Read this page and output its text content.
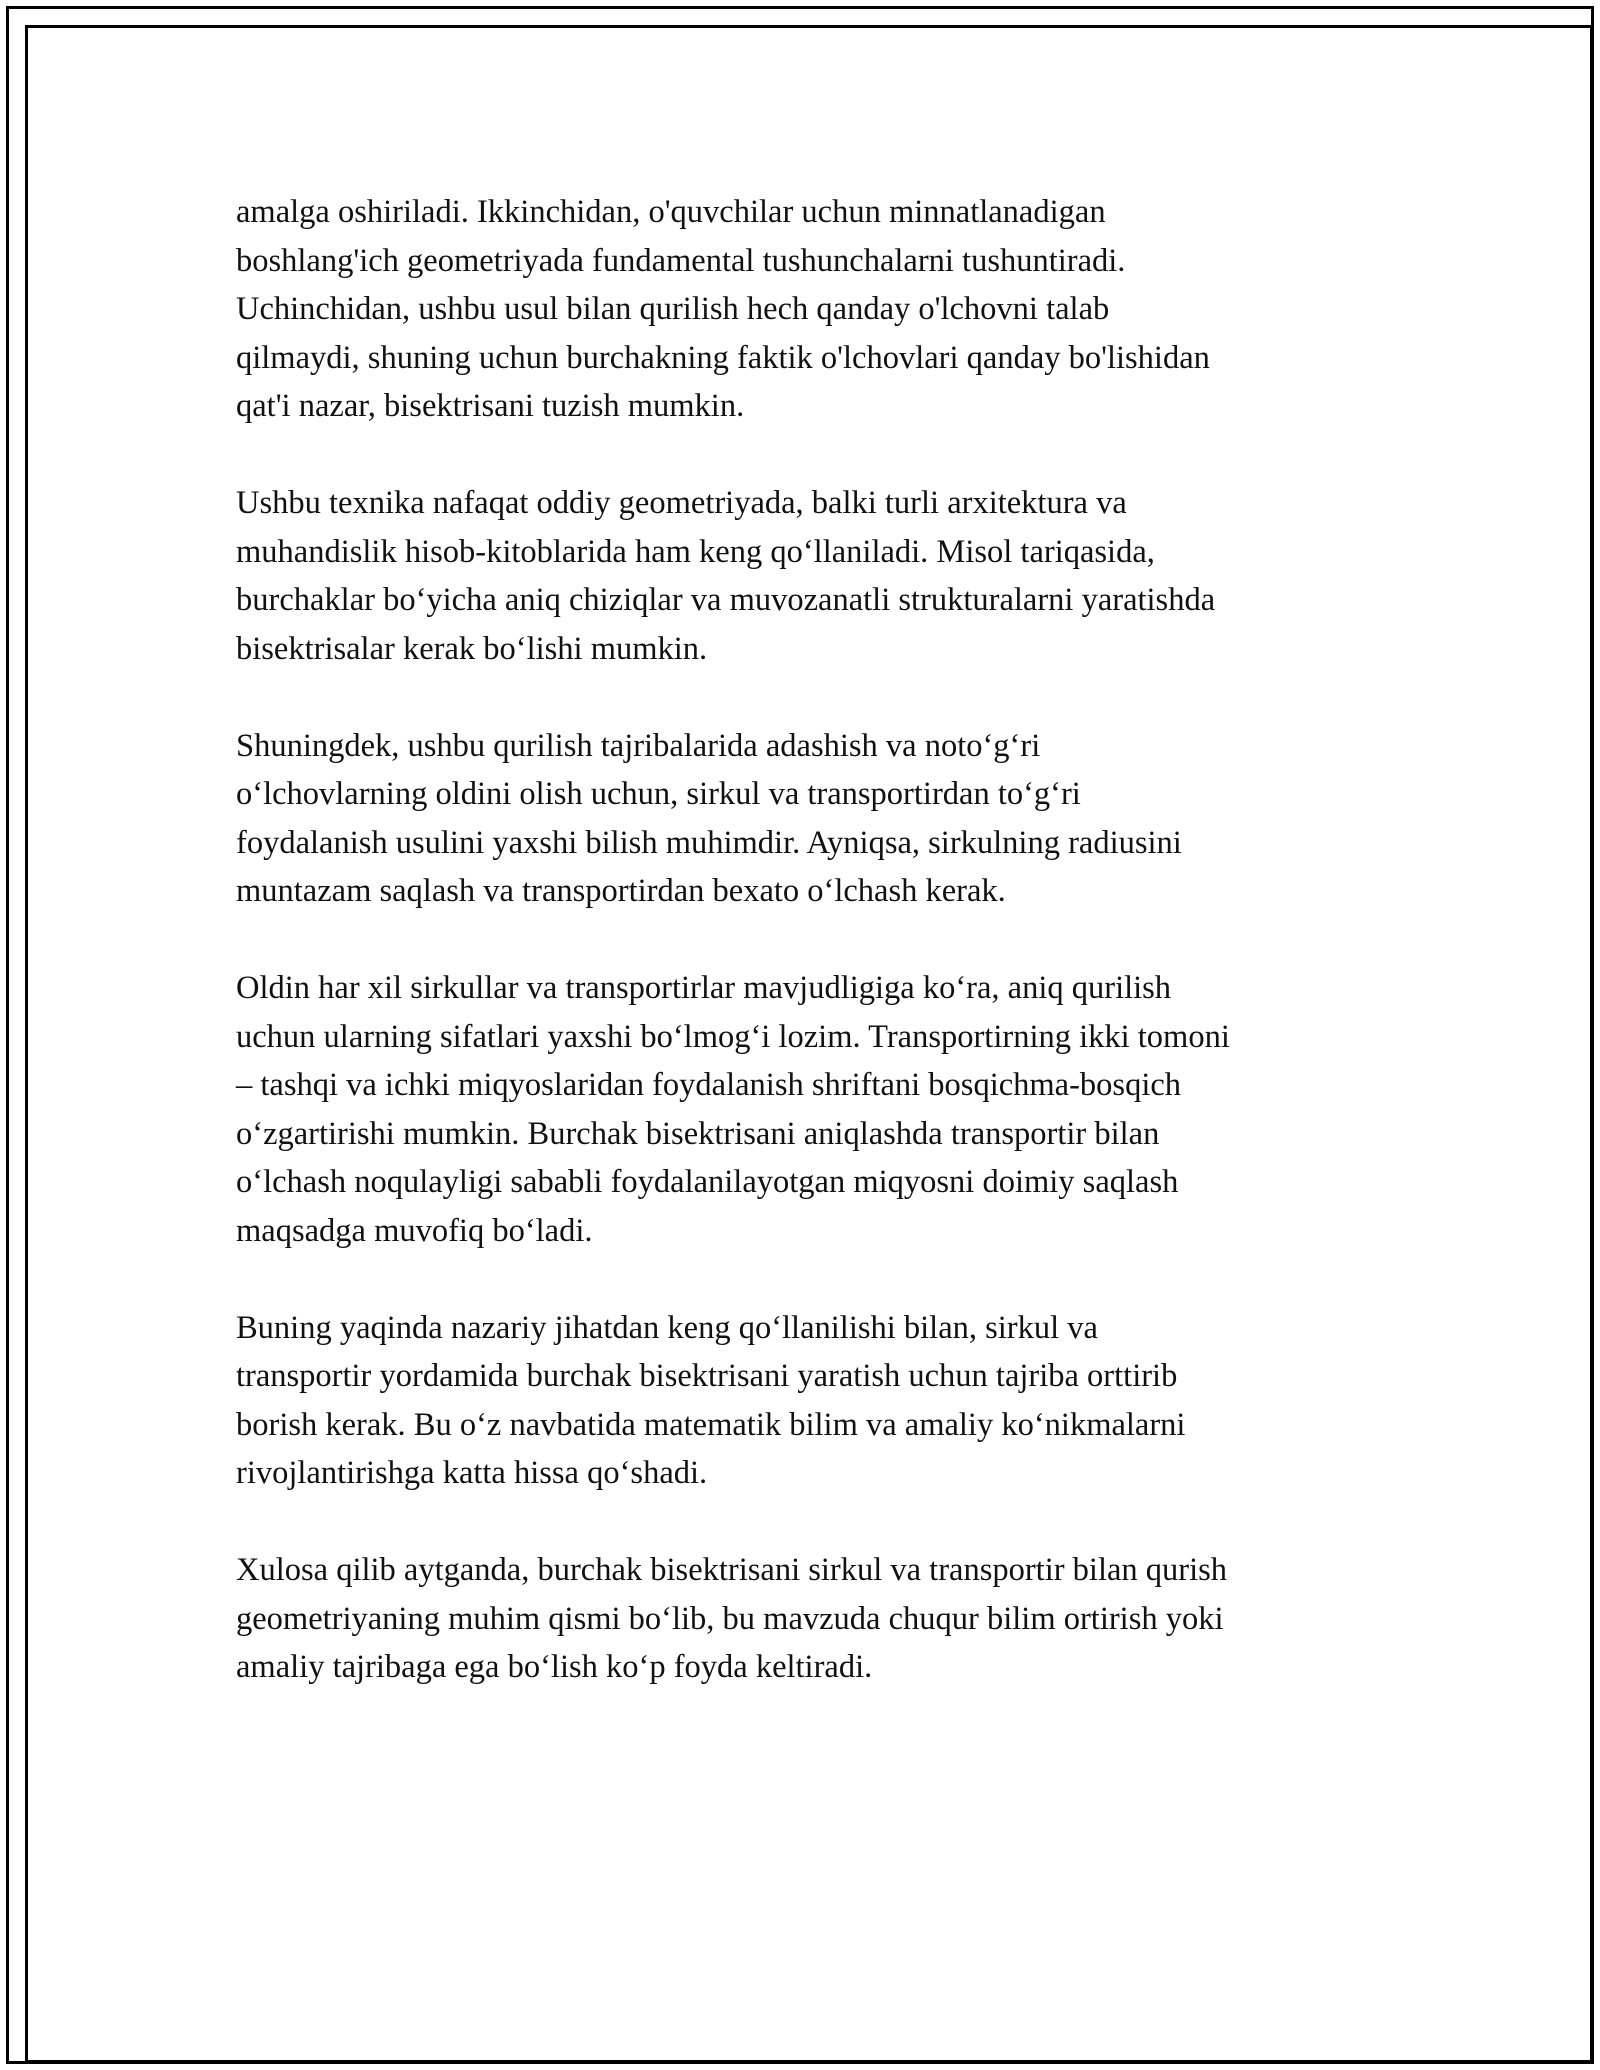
amalga oshiriladi. Ikkinchidan, o'quvchilar uchun minnatlanadigan
boshlang'ich geometriyada fundamental tushunchalarni tushuntiradi.
Uchinchidan, ushbu usul bilan qurilish hech qanday o'lchovni talab
qilmaydi, shuning uchun burchakning faktik o'lchovlari qanday bo'lishidan
qat'i nazar, bisektrisani tuzish mumkin.

Ushbu texnika nafaqat oddiy geometriyada, balki turli arxitektura va
muhandislik hisob-kitoblarida ham keng qo‘llaniladi. Misol tariqasida,
burchaklar bo‘yicha aniq chiziqlar va muvozanatli strukturalarni yaratishda
bisektrisalar kerak bo‘lishi mumkin.

Shuningdek, ushbu qurilish tajribalarida adashish va noto‘g‘ri
o‘lchovlarning oldini olish uchun, sirkul va transportirdan to‘g‘ri
foydalanish usulini yaxshi bilish muhimdir. Ayniqsa, sirkulning radiusini
muntazam saqlash va transportirdan bexato o‘lchash kerak.

Oldin har xil sirkullar va transportirlar mavjudligiga ko‘ra, aniq qurilish
uchun ularning sifatlari yaxshi bo‘lmog‘i lozim. Transportirning ikki tomoni
– tashqi va ichki miqyoslaridan foydalanish shriftani bosqichma-bosqich
o‘zgartirishi mumkin. Burchak bisektrisani aniqlashda transportir bilan
o‘lchash noqulayligi sababli foydalanilayotgan miqyosni doimiy saqlash
maqsadga muvofiq bo‘ladi.

Buning yaqinda nazariy jihatdan keng qo‘llanilishi bilan, sirkul va
transportir yordamida burchak bisektrisani yaratish uchun tajriba orttirib
borish kerak. Bu o‘z navbatida matematik bilim va amaliy ko‘nikmalarni
rivojlantirishga katta hissa qo‘shadi.

Xulosa qilib aytganda, burchak bisektrisani sirkul va transportir bilan qurish
geometriyaning muhim qismi bo‘lib, bu mavzuda chuqur bilim ortirish yoki
amaliy tajribaga ega bo‘lish ko‘p foyda keltiradi.
